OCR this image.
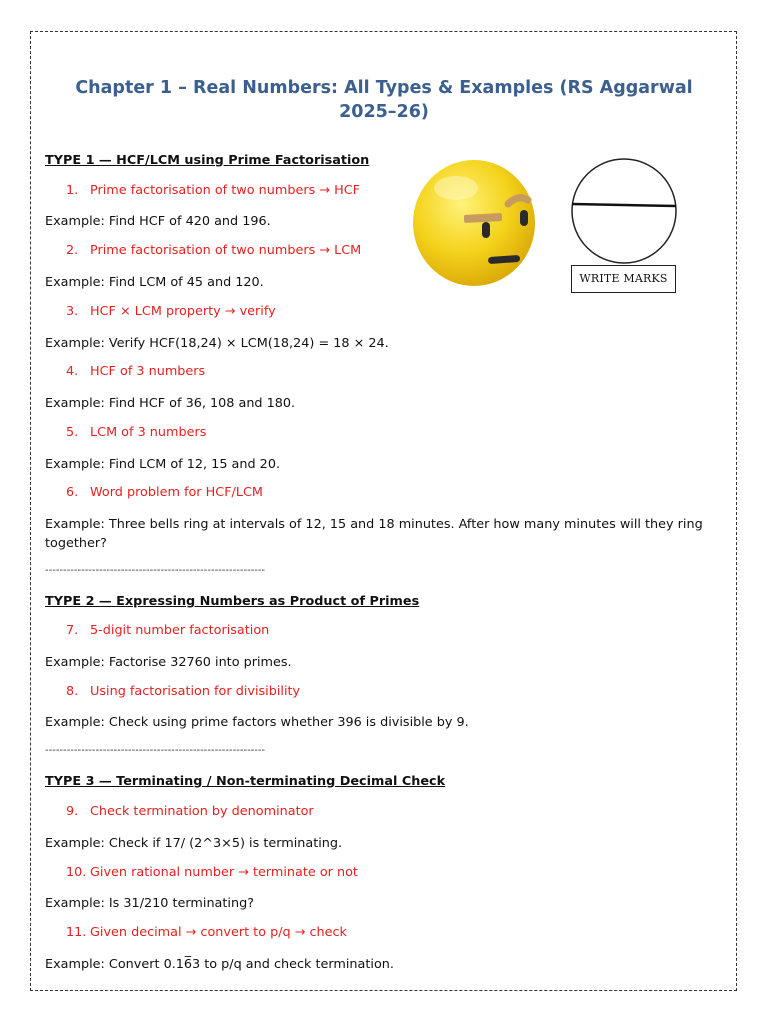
Chapter 1 – Real Numbers: All Types & Examples (RS Aggarwal 2025–26)
TYPE 1 — HCF/LCM using Prime Factorisation
1. Prime factorisation of two numbers → HCF
Example: Find HCF of 420 and 196.
2. Prime factorisation of two numbers → LCM
Example: Find LCM of 45 and 120.
3. HCF × LCM property → verify
Example: Verify HCF(18,24) × LCM(18,24) = 18 × 24.
4. HCF of 3 numbers
Example: Find HCF of 36, 108 and 180.
5. LCM of 3 numbers
Example: Find LCM of 12, 15 and 20.
6. Word problem for HCF/LCM
Example: Three bells ring at intervals of 12, 15 and 18 minutes. After how many minutes will they ring together?
-------------------------------------------------------------
TYPE 2 — Expressing Numbers as Product of Primes
7. 5-digit number factorisation
Example: Factorise 32760 into primes.
8. Using factorisation for divisibility
Example: Check using prime factors whether 396 is divisible by 9.
-------------------------------------------------------------
TYPE 3 — Terminating / Non-terminating Decimal Check
9. Check termination by denominator
Example: Check if 17/ (2^3×5) is terminating.
10. Given rational number → terminate or not
Example: Is 31/210 terminating?
11. Given decimal → convert to p/q → check
Example: Convert 0.16̅3 to p/q and check termination.
WRITE MARKS
